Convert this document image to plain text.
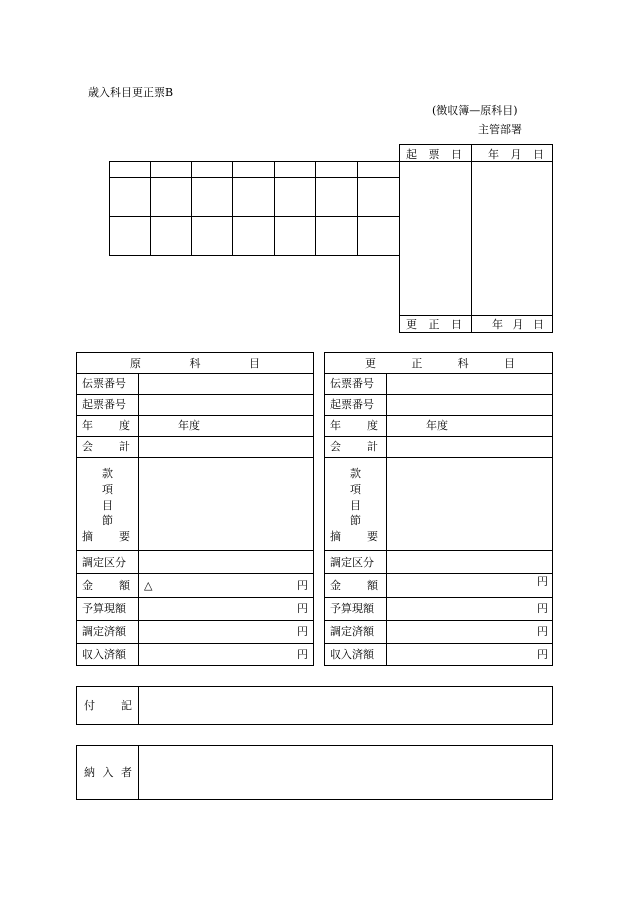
歳入科目更正票B
(徴収簿—原科目)
主管部署
起 票 日 年 月 日
更 正 日	年 月 日
原	科	目
伝票番号
起票番号
年 度	年度
会 計
款
項
目
節
摘 要
調定区分
金 額 △	円
予算現額	円
調定済額	円
収入済額	円
更	正	科	目
伝票番号
起票番号
年 度	年度
会 計
款
項
目
節
摘 要
調定区分
金 額	円
予算現額	円
調定済額	円
収入済額	円
付 記
納 入 者
